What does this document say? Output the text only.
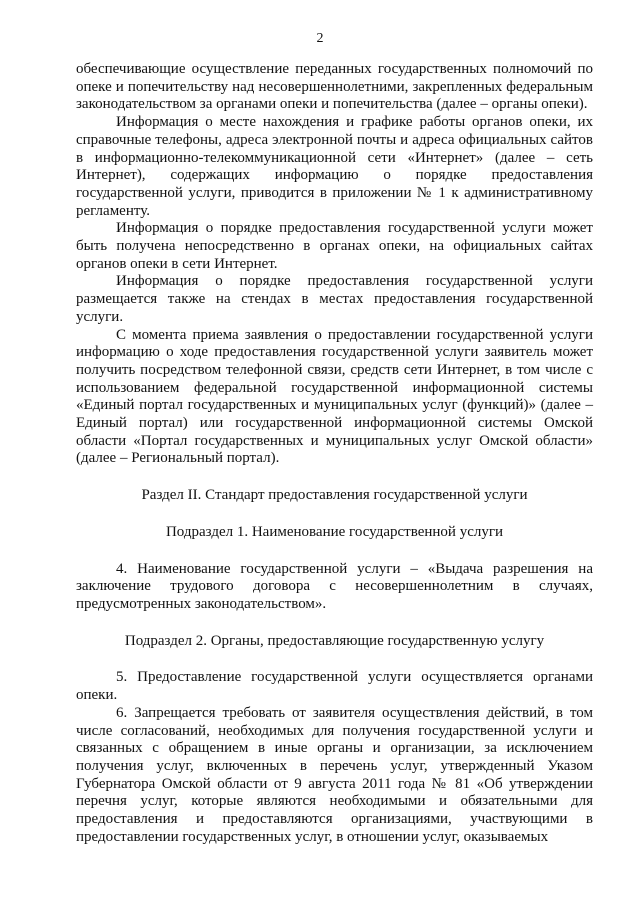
2

обеспечивающие осуществление переданных государственных полномочий по опеке и попечительству над несовершеннолетними, закрепленных федеральным законодательством за органами опеки и попечительства (далее – органы опеки).

Информация о месте нахождения и графике работы органов опеки, их справочные телефоны, адреса электронной почты и адреса официальных сайтов в информационно-телекоммуникационной сети «Интернет» (далее – сеть Интернет), содержащих информацию о порядке предоставления государственной услуги, приводится в приложении № 1 к административному регламенту.

Информация о порядке предоставления государственной услуги может быть получена непосредственно в органах опеки, на официальных сайтах органов опеки в сети Интернет.

Информация о порядке предоставления государственной услуги размещается также на стендах в местах предоставления государственной услуги.

С момента приема заявления о предоставлении государственной услуги информацию о ходе предоставления государственной услуги заявитель может получить посредством телефонной связи, средств сети Интернет, в том числе с использованием федеральной государственной информационной системы «Единый портал государственных и муниципальных услуг (функций)» (далее – Единый портал) или государственной информационной системы Омской области «Портал государственных и муниципальных услуг Омской области» (далее – Региональный портал).

Раздел II. Стандарт предоставления государственной услуги

Подраздел 1. Наименование государственной услуги

4. Наименование государственной услуги – «Выдача разрешения на заключение трудового договора с несовершеннолетним в случаях, предусмотренных законодательством».

Подраздел 2. Органы, предоставляющие государственную услугу

5. Предоставление государственной услуги осуществляется органами опеки.

6. Запрещается требовать от заявителя осуществления действий, в том числе согласований, необходимых для получения государственной услуги и связанных с обращением в иные органы и организации, за исключением получения услуг, включенных в перечень услуг, утвержденный Указом Губернатора Омской области от 9 августа 2011 года № 81 «Об утверждении перечня услуг, которые являются необходимыми и обязательными для предоставления и предоставляются организациями, участвующими в предоставлении государственных услуг, в отношении услуг, оказываемых
